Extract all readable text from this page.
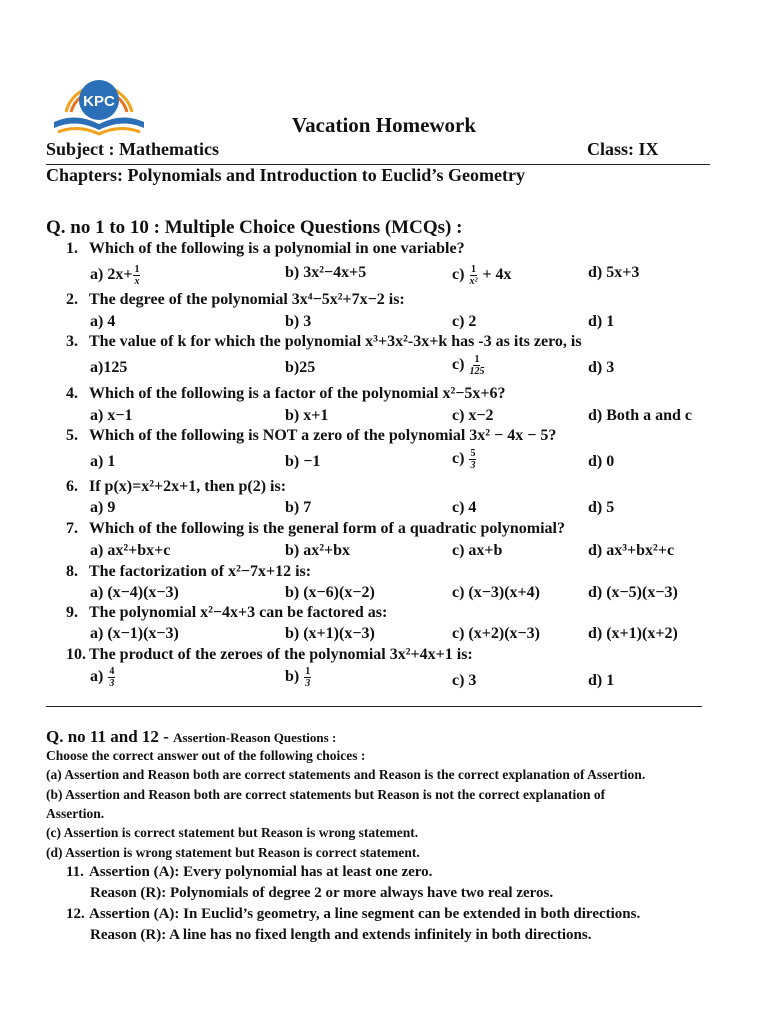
KPC
Vacation Homework
Subject : Mathematics	Class: IX
Chapters: Polynomials and Introduction to Euclid’s Geometry
Q. no 1 to 10 : Multiple Choice Questions (MCQs) :
1. Which of the following is a polynomial in one variable?
a) $2x+ \frac{1}{x}$	b) 3x²−4x+5	$c) \frac{1}{\text{x²}} + 4x$	d) 5x+3
2. The degree of the polynomial 3x⁴−5x²+7x−2 is:
a) 4	b) 3	c) 2	d) 1
3. The value of k for which the polynomial x³+3x²-3x+k has -3 as its zero, is
a)125	b)25	$c) \frac{1}{125}$	d) 3
4. Which of the following is a factor of the polynomial x²−5x+6?
a) x−1	b) x+1	c) x−2	d) Both a and c
5. Which of the following is NOT a zero of the polynomial 3x² − 4x − 5?
a) 1	b) −1	$c) \frac{5}{3}$	d) 0
6. If p(x)=x²+2x+1, then p(2) is:
a) 9	b) 7	c) 4	d) 5
7. Which of the following is the general form of a quadratic polynomial?
a) ax²+bx+c	b) ax²+bx	c) ax+b	d) ax³+bx²+c
8. The factorization of x²−7x+12 is:
a) (x−4)(x−3)	b) (x−6)(x−2)	c) (x−3)(x+4)	d) (x−5)(x−3)
9. The polynomial x²−4x+3 can be factored as:
a) (x−1)(x−3)	b) (x+1)(x−3)	c) (x+2)(x−3)	d) (x+1)(x+2)
10. The product of the zeroes of the polynomial 3x²+4x+1 is:
$a) \frac{4}{3}$	$b) \frac{1}{3}$	c) 3	d) 1
Q. no 11 and 12 - Assertion-Reason Questions :
Choose the correct answer out of the following choices :
(a) Assertion and Reason both are correct statements and Reason is the correct explanation of Assertion.
(b) Assertion and Reason both are correct statements but Reason is not the correct explanation of
Assertion.
(c) Assertion is correct statement but Reason is wrong statement.
(d) Assertion is wrong statement but Reason is correct statement.
11. Assertion (A): Every polynomial has at least one zero.
Reason (R): Polynomials of degree 2 or more always have two real zeros.
12. Assertion (A): In Euclid’s geometry, a line segment can be extended in both directions.
Reason (R): A line has no fixed length and extends infinitely in both directions.
